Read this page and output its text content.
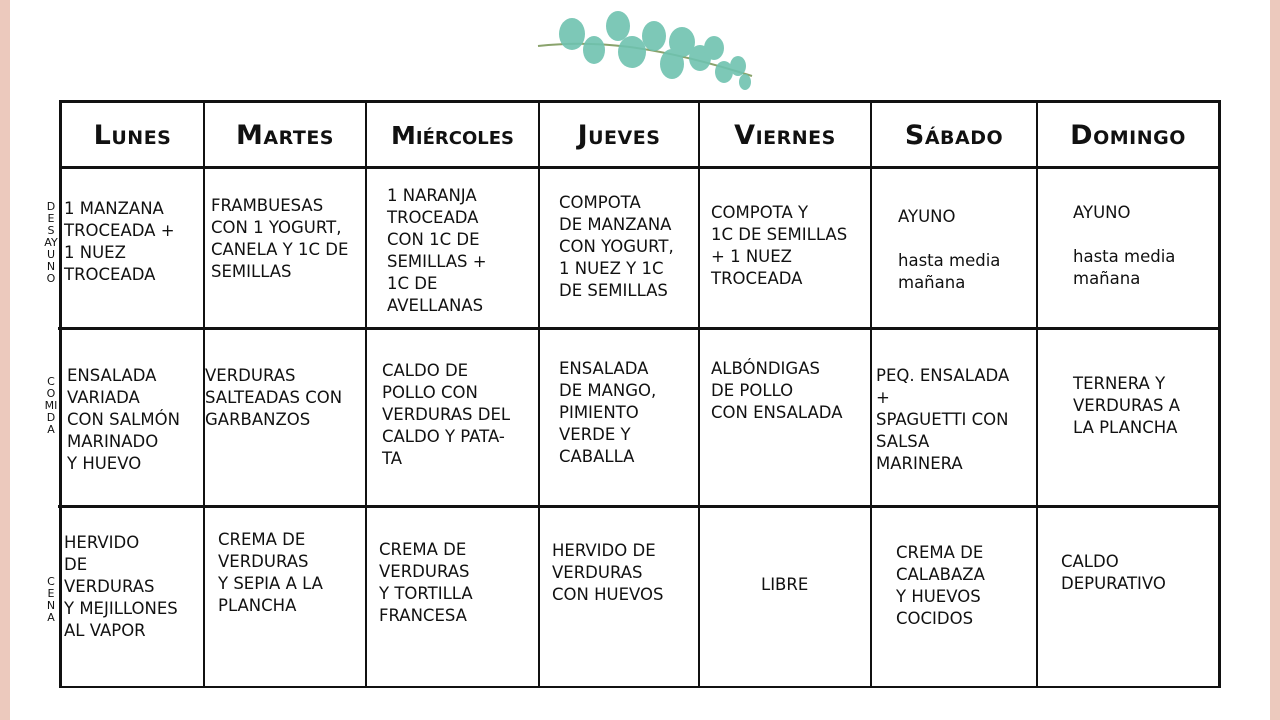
Lunes martes miércoles jueves	viernes	sábado domingo
DESAYUNO
COMIDA
CENA
1 MANZANA
TROCEADA +
1 NUEZ
TROCEADA
FRAMBUESAS
CON 1 YOGURT,
CANELA Y 1C DE
SEMILLAS
1 NARANJA
TROCEADA
CON 1C DE
SEMILLAS +
1C DE
AVELLANAS
COMPOTA
DE MANZANA
CON YOGURT,
1 NUEZ Y 1C
DE SEMILLAS
COMPOTA Y
1C DE SEMILLAS
+ 1 NUEZ
TROCEADA
AYUNO

hasta media
mañana
AYUNO

hasta media
mañana
ENSALADA
VARIADA
CON SALMÓN
MARINADO
Y HUEVO
VERDURAS
SALTEADAS CON
GARBANZOS
CALDO DE
POLLO CON
VERDURAS DEL
CALDO Y PATA-
TA
ENSALADA
DE MANGO,
PIMIENTO
VERDE Y
CABALLA
ALBÓNDIGAS
DE POLLO
CON ENSALADA
PEQ. ENSALADA
+
SPAGUETTI CON
SALSA
MARINERA
TERNERA Y
VERDURAS A
LA PLANCHA
HERVIDO
DE
VERDURAS
Y MEJILLONES
AL VAPOR
CREMA DE
VERDURAS
Y SEPIA A LA
PLANCHA
CREMA DE
VERDURAS
Y TORTILLA
FRANCESA
HERVIDO DE
VERDURAS
CON HUEVOS
LIBRE
CREMA DE
CALABAZA
Y HUEVOS
COCIDOS
CALDO
DEPURATIVO
